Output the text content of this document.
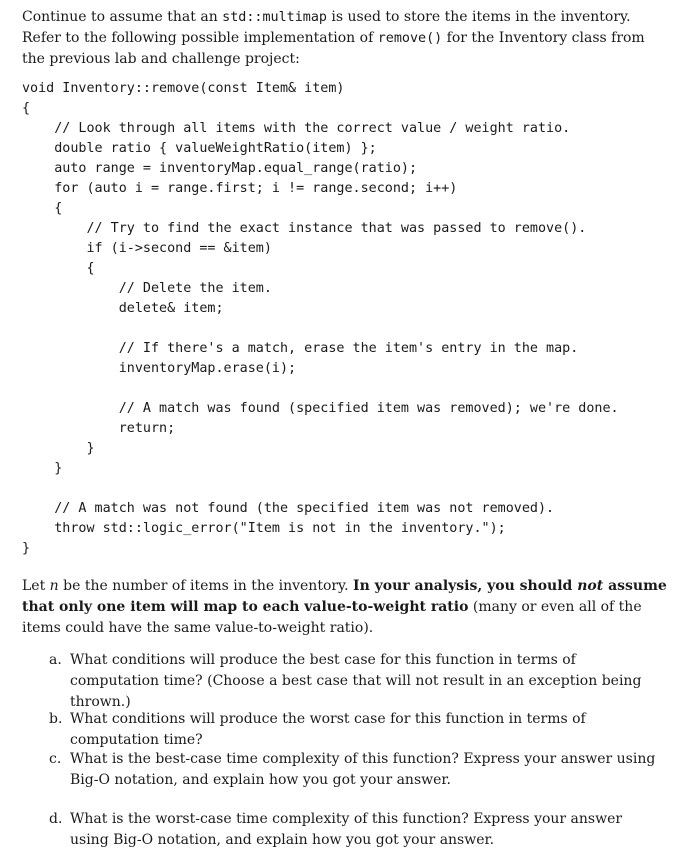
Continue to assume that an std::multimap is used to store the items in the inventory. Refer to the following possible implementation of remove() for the Inventory class from the previous lab and challenge project:

void Inventory::remove(const Item& item)
{
// Look through all items with the correct value / weight ratio.
double ratio { valueWeightRatio(item) };
auto range = inventoryMap.equal_range(ratio);
for (auto i = range.first; i != range.second; i++)
{
// Try to find the exact instance that was passed to remove().
if (i->second == &item)
{
// Delete the item.
delete& item;
// If there's a match, erase the item's entry in the map.
inventoryMap.erase(i);
// A match was found (specified item was removed); we're done.
return;
}
}
// A match was not found (the specified item was not removed).
throw std::logic_error("Item is not in the inventory.");
}

Let n be the number of items in the inventory. In your analysis, you should not assume that only one item will map to each value-to-weight ratio (many or even all of the items could have the same value-to-weight ratio).

a. What conditions will produce the best case for this function in terms of computation time? (Choose a best case that will not result in an exception being thrown.)
b. What conditions will produce the worst case for this function in terms of computation time?
c. What is the best-case time complexity of this function? Express your answer using Big-O notation, and explain how you got your answer.
d. What is the worst-case time complexity of this function? Express your answer using Big-O notation, and explain how you got your answer.
